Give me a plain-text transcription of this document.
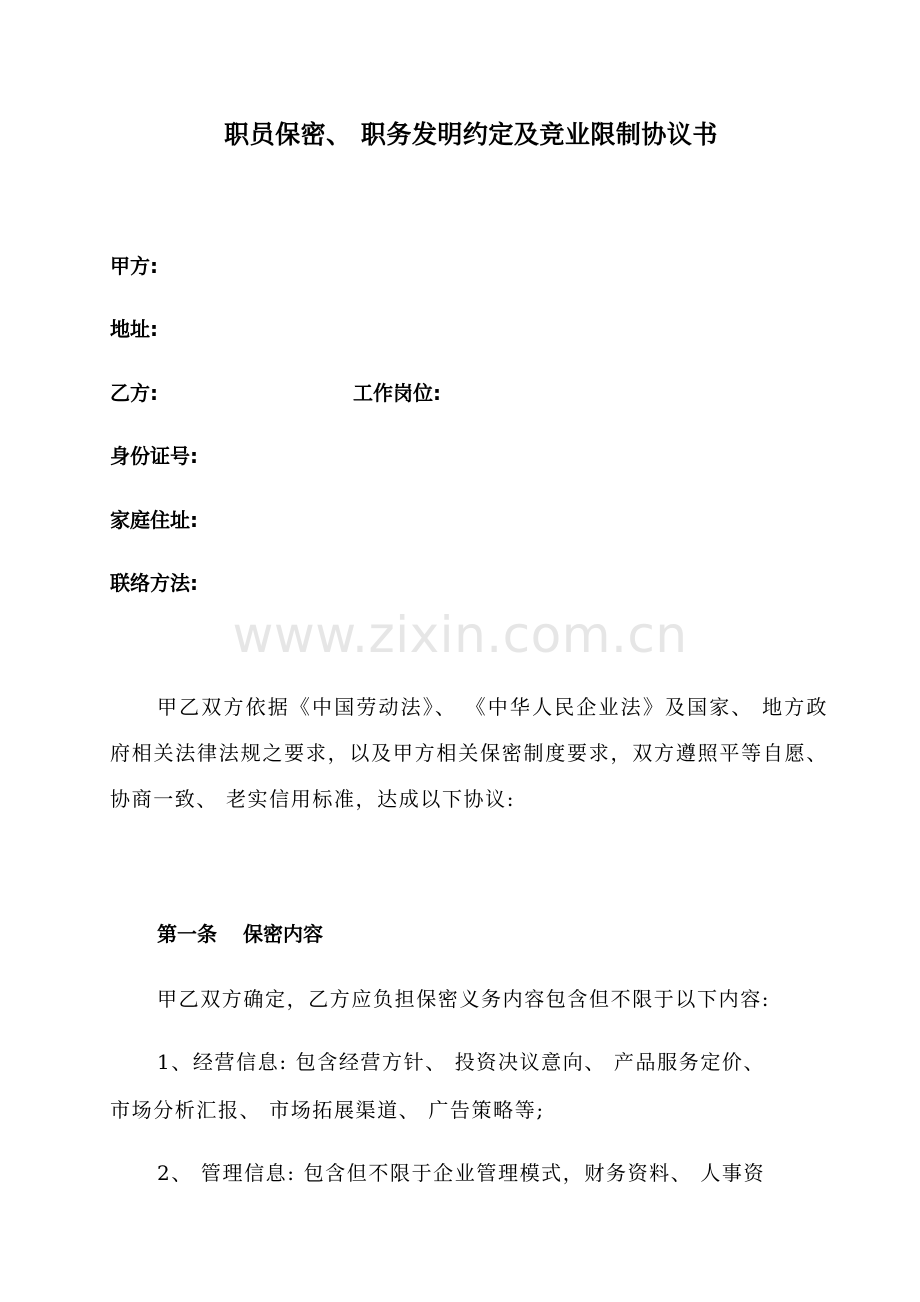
职员保密、 职务发明约定及竞业限制协议书
甲方:
地址:
乙方:	工作岗位:
身份证号:
家庭住址:
联络方法:
www.zixin.com.cn
甲乙双方依据《中国劳动法》、 《中华人民企业法》及国家、 地方政府相关法律法规之要求，以及甲方相关保密制度要求，双方遵照平等自愿、 协商一致、 老实信用标准，达成以下协议:
第一条 保密内容
甲乙双方确定，乙方应负担保密义务内容包含但不限于以下内容:
1、经营信息: 包含经营方针、 投资决议意向、 产品服务定价、
市场分析汇报、 市场拓展渠道、 广告策略等;
2、 管理信息: 包含但不限于企业管理模式，财务资料、 人事资
